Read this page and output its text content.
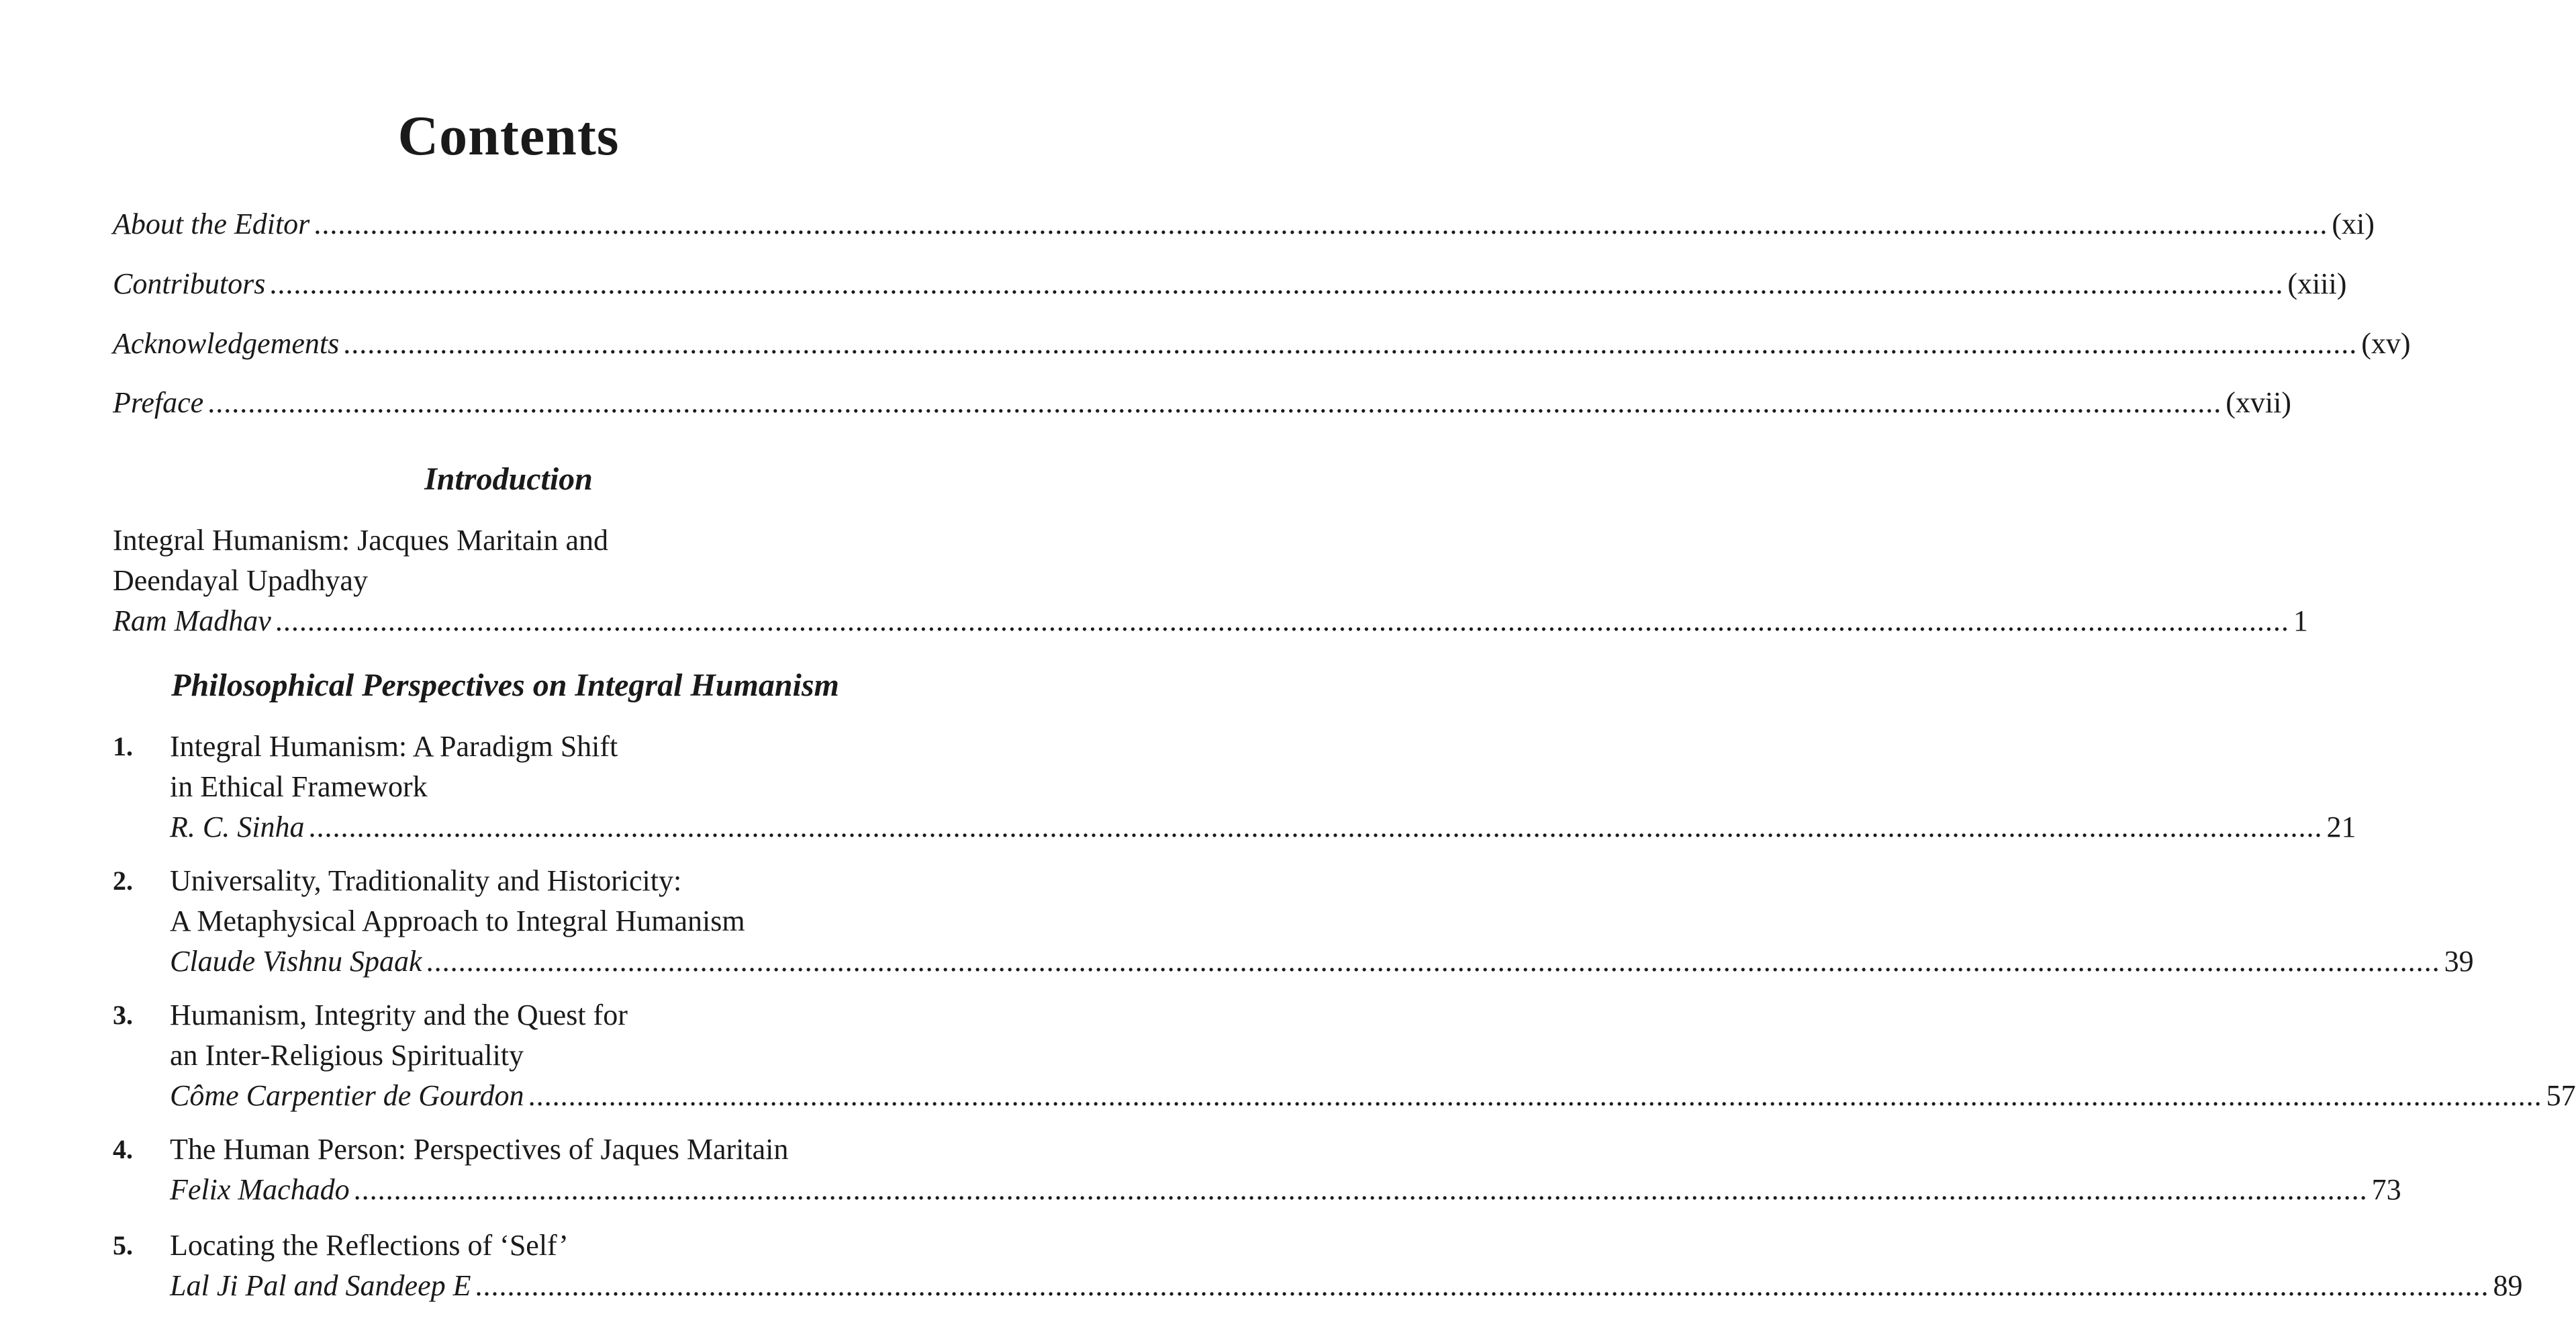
Contents
About the Editor .....	(xi)
Contributors .....	(xiii)
Acknowledgements .....	(xv)
Preface .....	(xvii)
Introduction
Integral Humanism: Jacques Maritain and
Deendayal Upadhyay
Ram Madhav .....	1
Philosophical Perspectives on Integral Humanism
1.	Integral Humanism: A Paradigm Shift
in Ethical Framework
R. C. Sinha .....	21
2.	Universality, Traditionality and Historicity:
A Metaphysical Approach to Integral Humanism
Claude Vishnu Spaak .....	39
3.	Humanism, Integrity and the Quest for
an Inter-Religious Spirituality
Côme Carpentier de Gourdon .....	57
4.	The Human Person: Perspectives of Jaques Maritain
Felix Machado .....	73
5.	Locating the Reflections of ‘Self’
Lal Ji Pal and Sandeep E .....	89
